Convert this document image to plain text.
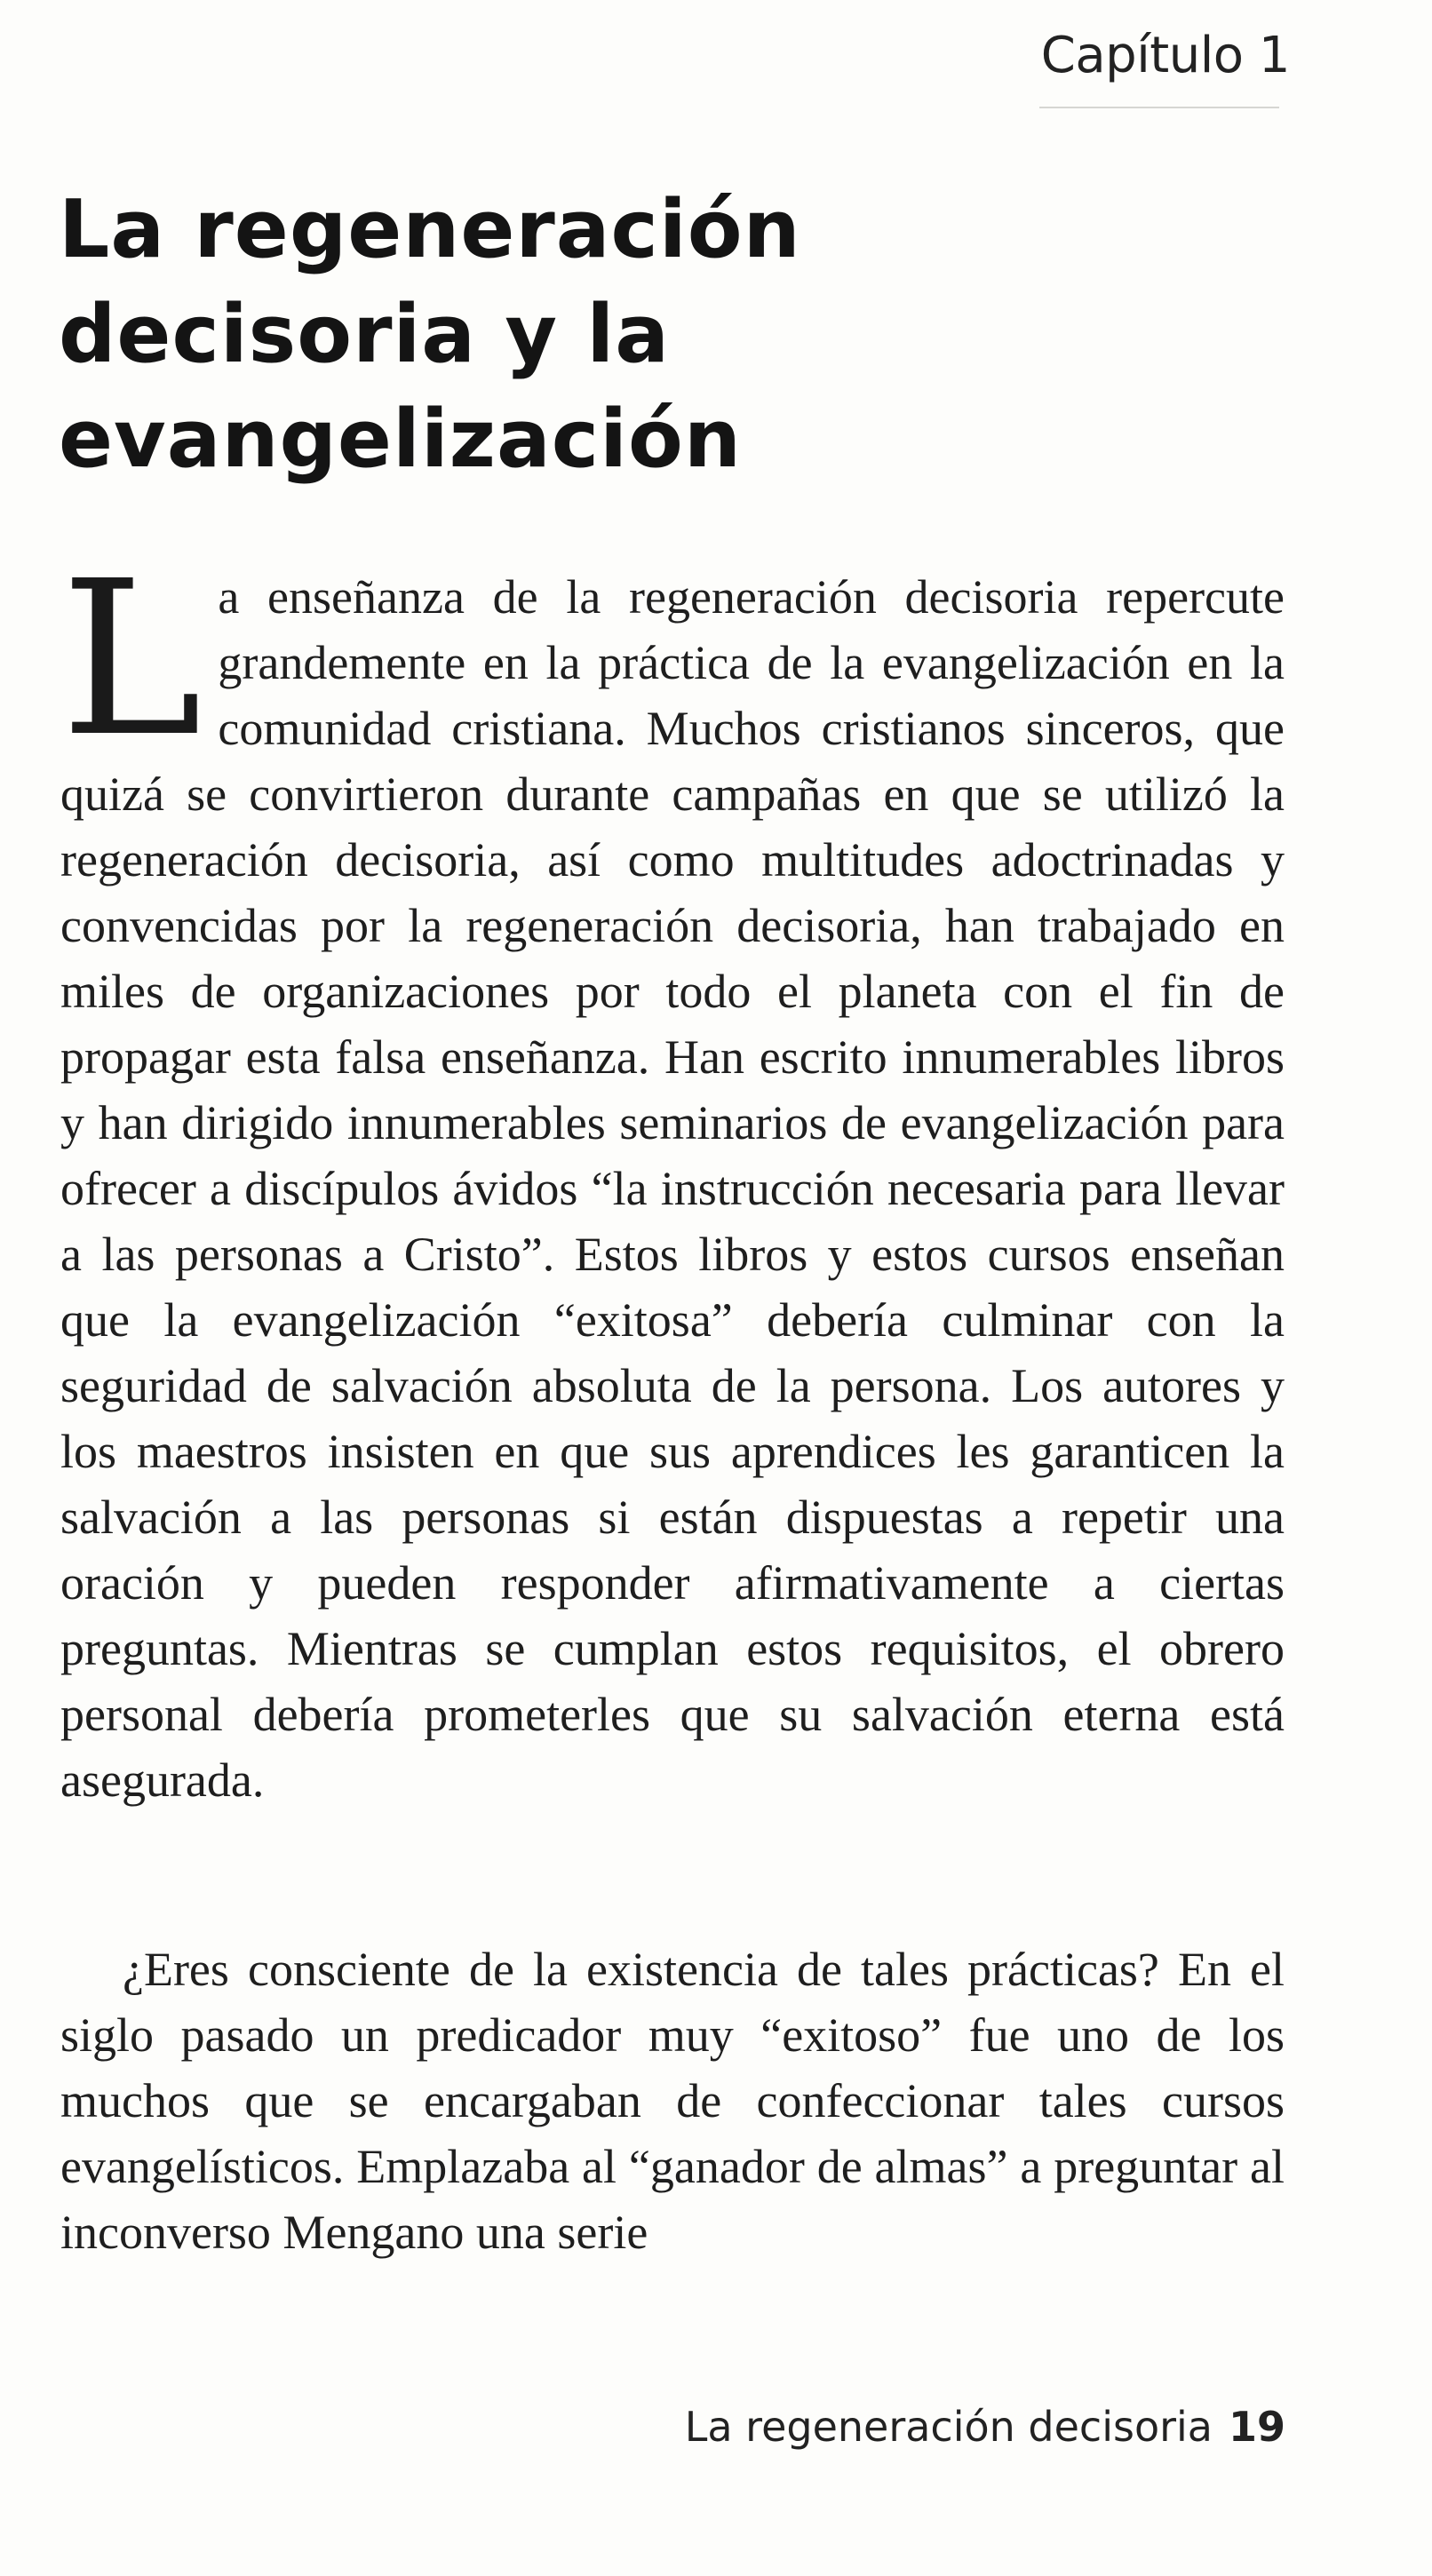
Capítulo 1

La regeneración decisoria y la evangelización

La enseñanza de la regeneración decisoria repercute grandemente en la práctica de la evangelización en la comunidad cristiana. Muchos cristianos sinceros, que quizá se convirtieron durante campañas en que se utilizó la regeneración decisoria, así como multitudes adoctrinadas y convencidas por la regeneración decisoria, han trabajado en miles de organizaciones por todo el planeta con el fin de propagar esta falsa enseñanza. Han escrito innumerables libros y han dirigido innumerables seminarios de evangelización para ofrecer a discípulos ávidos “la instrucción necesaria para llevar a las personas a Cristo”. Estos libros y estos cursos enseñan que la evangelización “exitosa” debería culminar con la seguridad de salvación absoluta de la persona. Los autores y los maestros insisten en que sus aprendices les garanticen la salvación a las personas si están dispuestas a repetir una oración y pueden responder afirmativamente a ciertas preguntas. Mientras se cumplan estos requisitos, el obrero personal debería prometerles que su salvación eterna está asegurada.

¿Eres consciente de la existencia de tales prácticas? En el siglo pasado un predicador muy “exitoso” fue uno de los muchos que se encargaban de confeccionar tales cursos evangelísticos. Emplazaba al “ganador de almas” a preguntar al inconverso Mengano una serie

La regeneración decisoria 19
